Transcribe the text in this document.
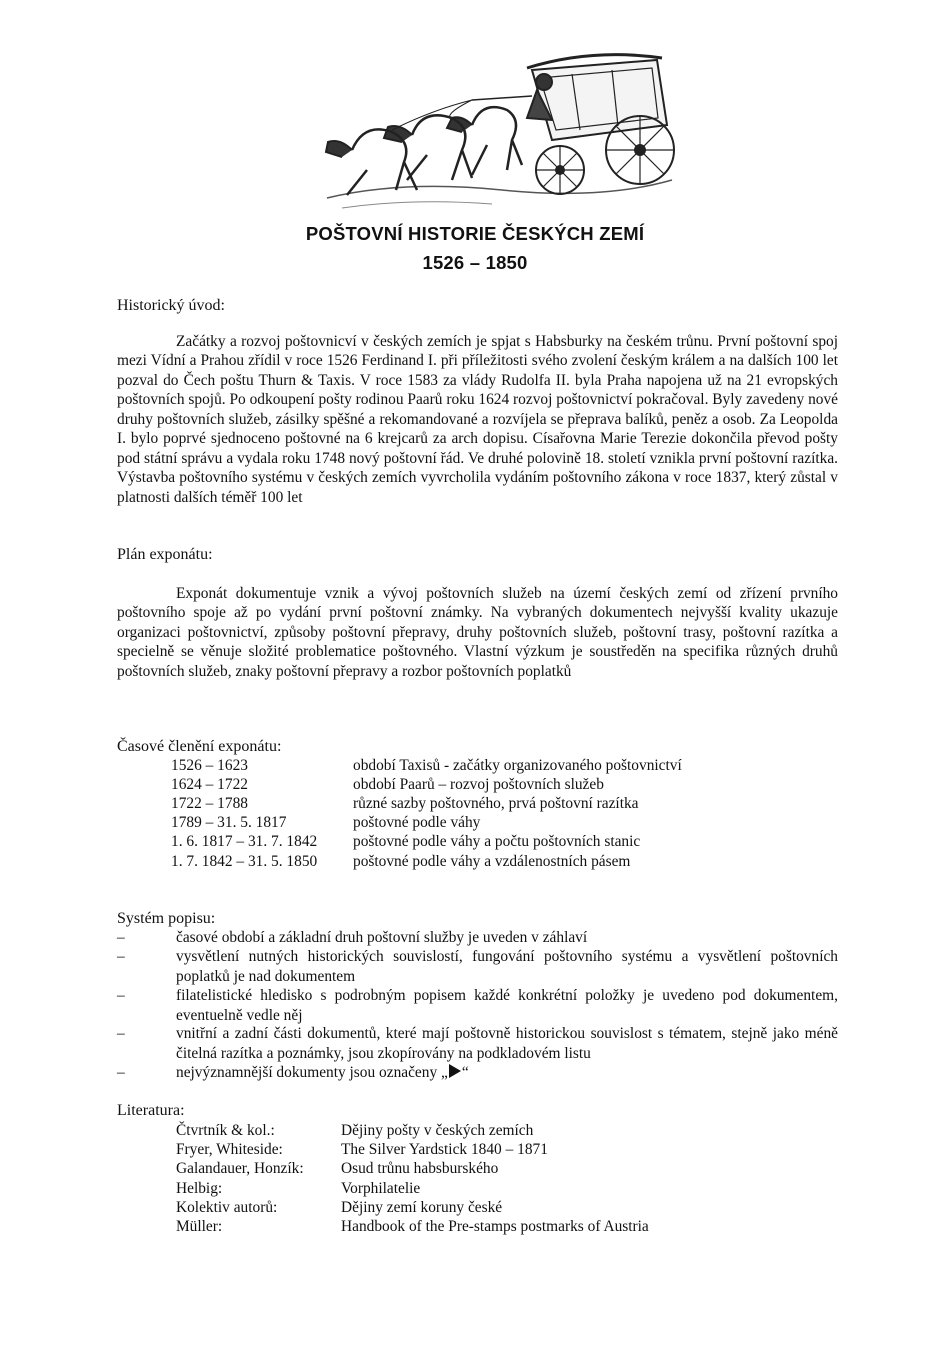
POŠTOVNÍ HISTORIE ČESKÝCH ZEMÍ
1526 – 1850
Historický úvod:
Začátky a rozvoj poštovnicví v českých zemích je spjat s Habsburky na českém trůnu. První poštovní spoj mezi Vídní a Prahou zřídil v roce 1526 Ferdinand I. při příležitosti svého zvolení českým králem a na dalších 100 let pozval do Čech poštu Thurn & Taxis. V roce 1583 za vlády Rudolfa II. byla Praha napojena už na 21 evropských poštovních spojů. Po odkoupení pošty rodinou Paarů roku 1624 rozvoj poštovnictví pokračoval. Byly zavedeny nové druhy poštovních služeb, zásilky spěšné a rekomandované a rozvíjela se přeprava balíků, peněz a osob. Za Leopolda I. bylo poprvé sjednoceno poštovné na 6 krejcarů za arch dopisu. Císařovna Marie Terezie dokončila převod pošty pod státní správu a vydala roku 1748 nový poštovní řád. Ve druhé polovině 18. století vznikla první poštovní razítka. Výstavba poštovního systému v českých zemích vyvrcholila vydáním poštovního zákona v roce 1837, který zůstal v platnosti dalších téměř 100 let
Plán exponátu:
Exponát dokumentuje vznik a vývoj poštovních služeb na území českých zemí od zřízení prvního poštovního spoje až po vydání první poštovní známky. Na vybraných dokumentech nejvyšší kvality ukazuje organizaci poštovnictví, způsoby poštovní přepravy, druhy poštovních služeb, poštovní trasy, poštovní razítka a specielně se věnuje složité problematice poštovného. Vlastní výzkum je soustředěn na specifika různých druhů poštovních služeb, znaky poštovní přepravy a rozbor poštovních poplatků
Časové členění exponátu:
1526 – 1623	období Taxisů - začátky organizovaného poštovnictví
1624 – 1722	období Paarů – rozvoj poštovních služeb
1722 – 1788	různé sazby poštovného, prvá poštovní razítka
1789 – 31. 5. 1817	poštovné podle váhy
1. 6. 1817 – 31. 7. 1842 poštovné podle váhy a počtu poštovních stanic
1. 7. 1842 – 31. 5. 1850 poštovné podle váhy a vzdálenostních pásem
Systém popisu:
–	časové období a základní druh poštovní služby je uveden v záhlaví
–	vysvětlení nutných historických souvislostí, fungování poštovního systému a vysvětlení poštovních poplatků je nad dokumentem
–	filatelistické hledisko s podrobným popisem každé konkrétní položky je uvedeno pod dokumentem, eventuelně vedle něj
–	vnitřní a zadní části dokumentů, které mají poštovně historickou souvislost s tématem, stejně jako méně čitelná razítka a poznámky, jsou zkopírovány na podkladovém listu
–	nejvýznamnější dokumenty jsou označeny „ “
Literatura:
Čtvrtník & kol.:	Dějiny pošty v českých zemích
Fryer, Whiteside:	The Silver Yardstick 1840 – 1871
Galandauer, Honzík: Osud trůnu habsburského
Helbig:	Vorphilatelie
Kolektiv autorů:	Dějiny zemí koruny české
Müller:	Handbook of the Pre-stamps postmarks of Austria
